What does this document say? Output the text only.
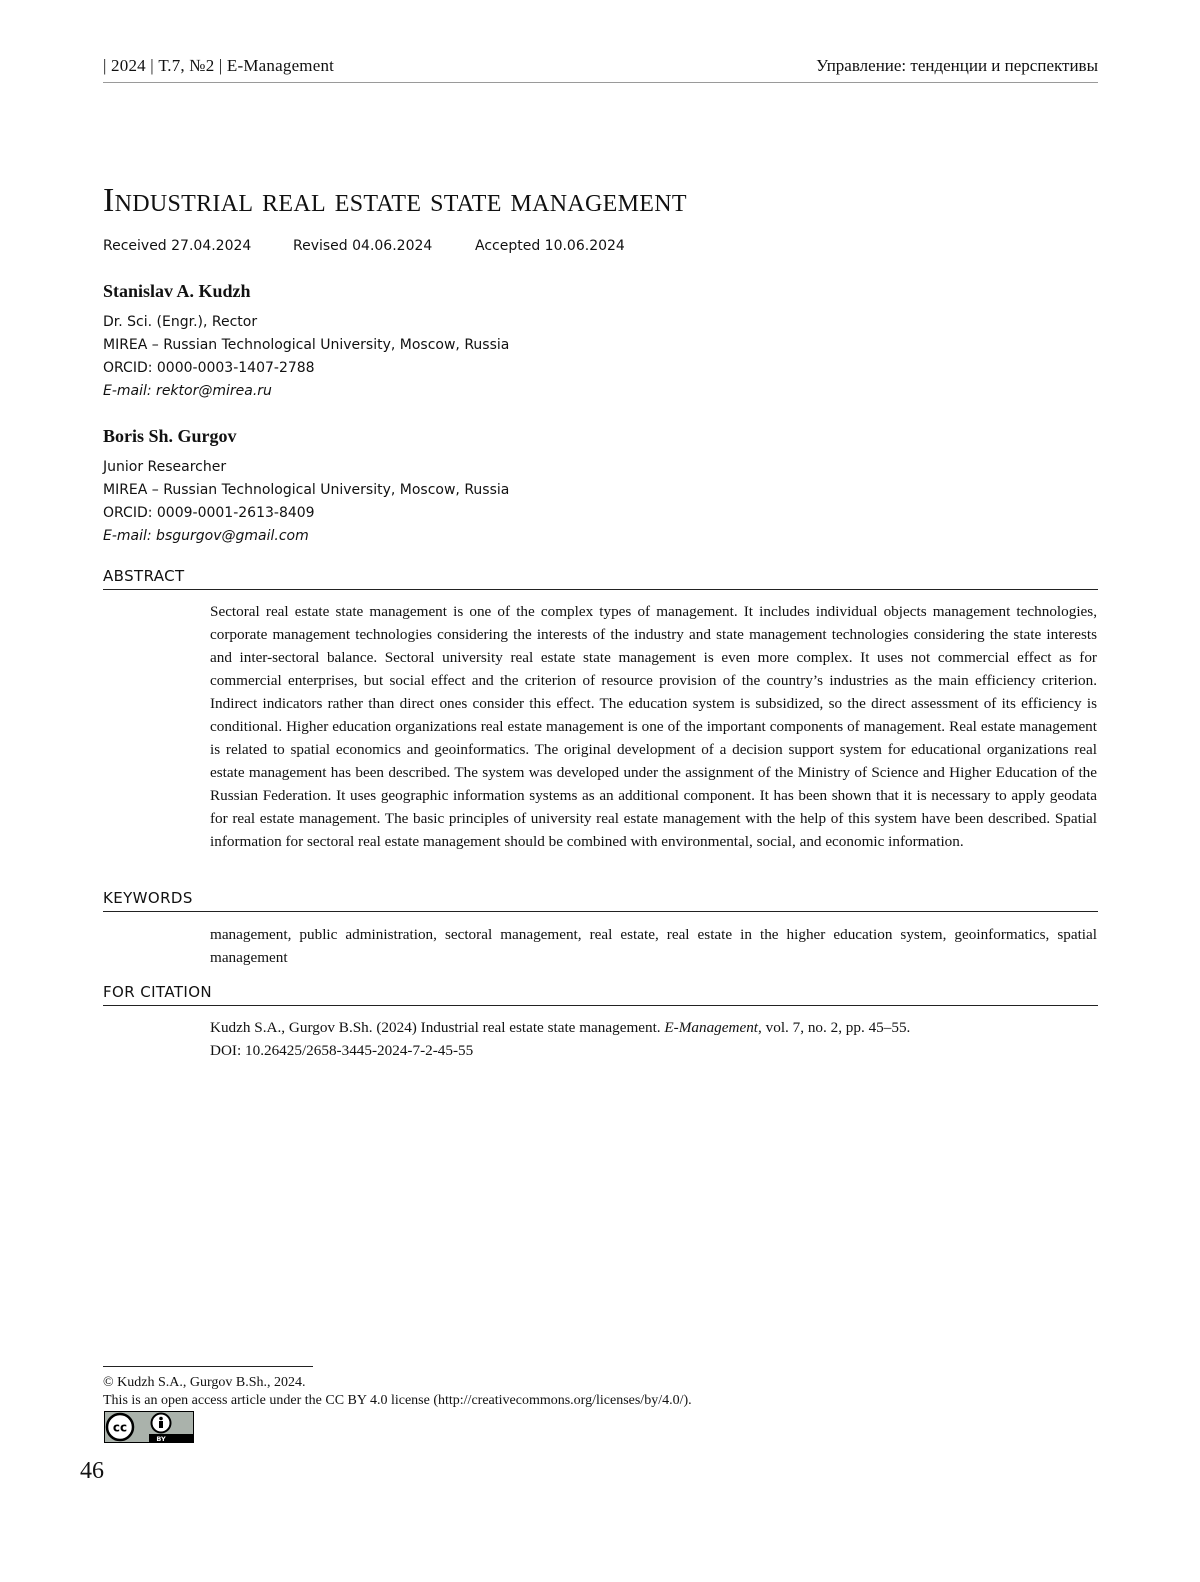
| 2024 | Т.7, №2 | E-Management	Управление: тенденции и перспективы
Industrial real estate state management
Received 27.04.2024	Revised 04.06.2024	Accepted 10.06.2024
Stanislav A. Kudzh
Dr. Sci. (Engr.), Rector
MIREA – Russian Technological University, Moscow, Russia
ORCID: 0000-0003-1407-2788
E-mail: rektor@mirea.ru
Boris Sh. Gurgov
Junior Researcher
MIREA – Russian Technological University, Moscow, Russia
ORCID: 0009-0001-2613-8409
E-mail: bsgurgov@gmail.com
ABSTRACT
Sectoral real estate state management is one of the complex types of management. It includes individual objects management technologies, corporate management technologies considering the interests of the industry and state management technologies considering the state interests and inter-sectoral balance. Sectoral university real estate state management is even more complex. It uses not commercial effect as for commercial enterprises, but social effect and the criterion of resource provision of the country’s industries as the main efficiency criterion. Indirect indicators rather than direct ones consider this effect. The education system is subsidized, so the direct assessment of its efficiency is conditional. Higher education organizations real estate management is one of the important components of management. Real estate management is related to spatial economics and geoinformatics. The original development of a decision support system for educational organizations real estate management has been described. The system was developed under the assignment of the Ministry of Science and Higher Education of the Russian Federation. It uses geographic information systems as an additional component. It has been shown that it is necessary to apply geodata for real estate management. The basic principles of university real estate management with the help of this system have been described. Spatial information for sectoral real estate management should be combined with environmental, social, and economic information.
KEYWORDS
management, public administration, sectoral management, real estate, real estate in the higher education system, geoinformatics, spatial management
FOR CITATION
Kudzh S.A., Gurgov B.Sh. (2024) Industrial real estate state management. E-Management, vol. 7, no. 2, pp. 45–55.
DOI: 10.26425/2658-3445-2024-7-2-45-55
© Kudzh S.A., Gurgov B.Sh., 2024.
This is an open access article under the CC BY 4.0 license (http://creativecommons.org/licenses/by/4.0/).
cc
BY
46
